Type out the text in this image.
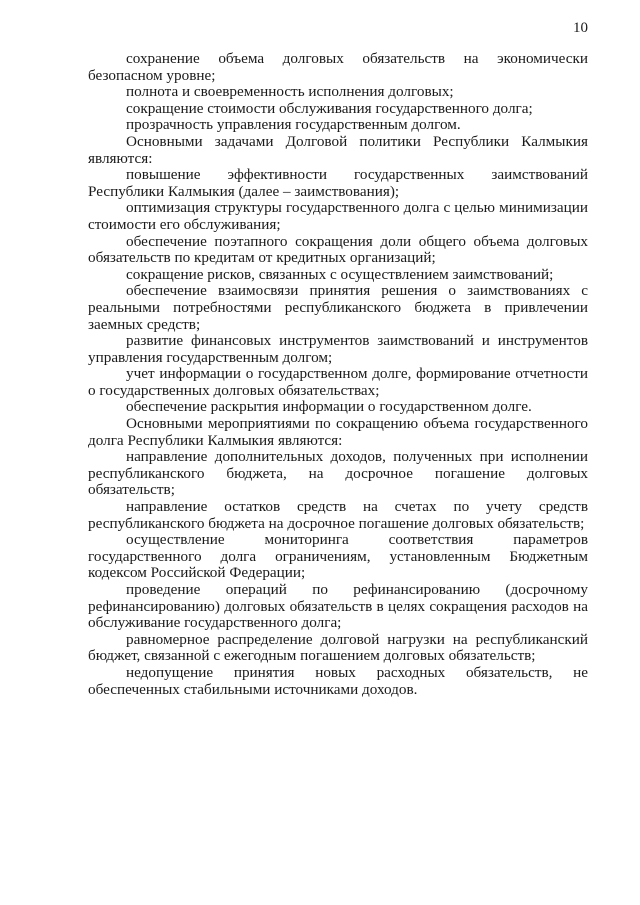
10

сохранение объема долговых обязательств на экономически безопасном уровне;

полнота и своевременность исполнения долговых;

сокращение стоимости обслуживания государственного долга;

прозрачность управления государственным долгом.

Основными задачами Долговой политики Республики Калмыкия являются:

повышение эффективности государственных заимствований Республики Калмыкия (далее – заимствования);

оптимизация структуры государственного долга с целью минимизации стоимости его обслуживания;

обеспечение поэтапного сокращения доли общего объема долговых обязательств по кредитам от кредитных организаций;

сокращение рисков, связанных с осуществлением заимствований;

обеспечение взаимосвязи принятия решения о заимствованиях с реальными потребностями республиканского бюджета в привлечении заемных средств;

развитие финансовых инструментов заимствований и инструментов управления государственным долгом;

учет информации о государственном долге, формирование отчетности о государственных долговых обязательствах;

обеспечение раскрытия информации о государственном долге.

Основными мероприятиями по сокращению объема государственного долга Республики Калмыкия являются:

направление дополнительных доходов, полученных при исполнении республиканского бюджета, на досрочное погашение долговых обязательств;

направление остатков средств на счетах по учету средств республиканского бюджета на досрочное погашение долговых обязательств;

осуществление мониторинга соответствия параметров государственного долга ограничениям, установленным Бюджетным кодексом Российской Федерации;

проведение операций по рефинансированию (досрочному рефинансированию) долговых обязательств в целях сокращения расходов на обслуживание государственного долга;

равномерное распределение долговой нагрузки на республиканский бюджет, связанной с ежегодным погашением долговых обязательств;

недопущение принятия новых расходных обязательств, не обеспеченных стабильными источниками доходов.
